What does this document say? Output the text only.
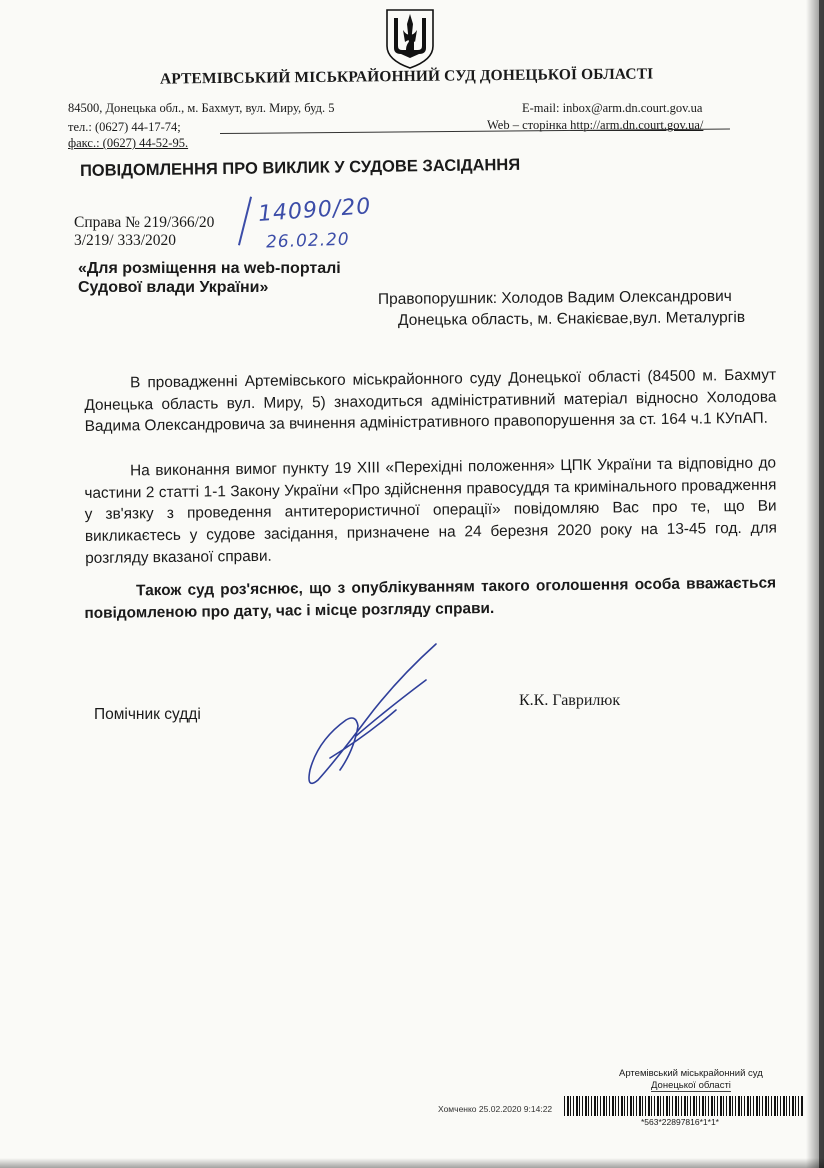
АРТЕМІВСЬКИЙ МІСЬКРАЙОННИЙ СУД ДОНЕЦЬКОЇ ОБЛАСТІ
84500, Донецька обл., м. Бахмут, вул. Миру, буд. 5
тел.: (0627) 44-17-74;
факс.: (0627) 44-52-95.
E-mail: inbox@arm.dn.court.gov.ua
Web – сторінка http://arm.dn.court.gov.ua/
ПОВІДОМЛЕННЯ ПРО ВИКЛИК У СУДОВЕ ЗАСІДАННЯ
Справа № 219/366/20
3/219/ 333/2020
14090/20
26.02.20
«Для розміщення на web-порталі Судової влади України»
Правопорушник: Холодов Вадим Олександрович
Донецька область, м. Єнакієвае,вул. Металургів
В провадженні Артемівського міськрайонного суду Донецької області (84500 м. Бахмут Донецька область вул. Миру, 5) знаходиться адміністративний матеріал відносно Холодова Вадима Олександровича за вчинення адміністративного правопорушення за ст. 164 ч.1 КУпАП.
На виконання вимог пункту 19 ХІІІ «Перехідні положення» ЦПК України та відповідно до частини 2 статті 1-1 Закону України «Про здійснення правосуддя та кримінального провадження у зв'язку з проведення антитерористичної операції» повідомляю Вас про те, що Ви викликаєтесь у судове засідання, призначене на 24 березня 2020 року на 13-45 год. для розгляду вказаної справи.
Також суд роз'яснює, що з опублікуванням такого оголошення особа вважається повідомленою про дату, час і місце розгляду справи.
Помічник судді
К.К. Гаврилюк
Артемівський міськрайонний суд
Донецької області
Хомченко 25.02.2020 9:14:22
*563*22897816*1*1*
